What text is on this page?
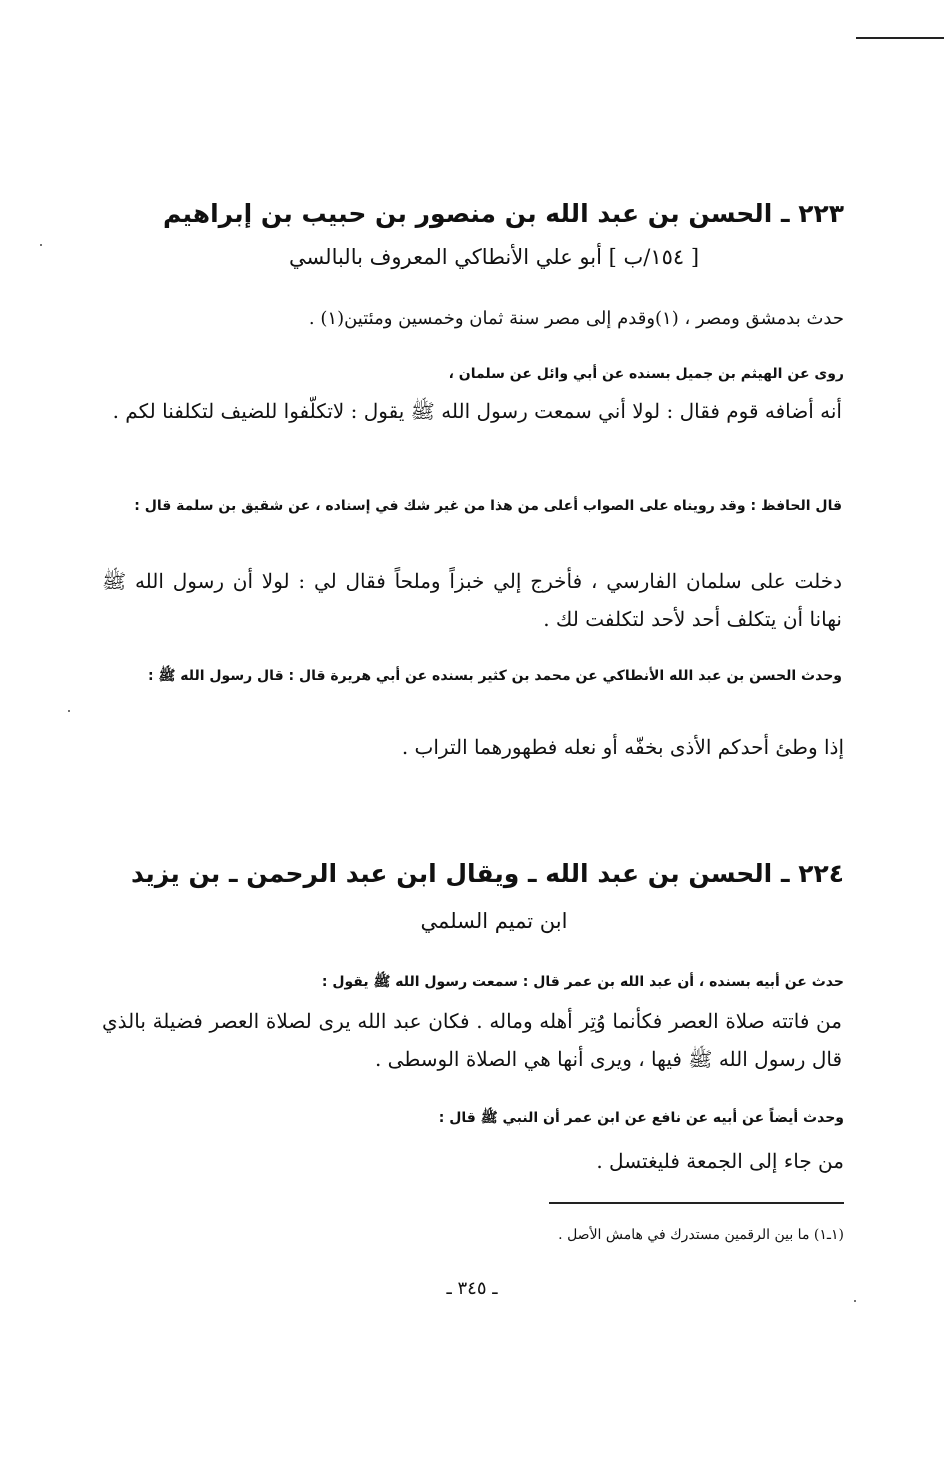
٢٢٣ ـ الحسن بن عبد الله بن منصور بن حبيب بن إبراهيم
[ ١٥٤/ب ] أبو علي الأنطاكي المعروف بالبالسي
حدث بدمشق ومصر ، (١)وقدم إلى مصر سنة ثمان وخمسين ومئتين(١) .
روى عن الهيثم بن جميل بسنده عن أبي وائل عن سلمان ،
أنه أضافه قوم فقال : لولا أني سمعت رسول الله ﷺ يقول : لاتكلّفوا للضيف لتكلفنا لكم .
قال الحافظ : وقد رويناه على الصواب أعلى من هذا من غير شك في إسناده ، عن شقيق بن سلمة قال :
دخلت على سلمان الفارسي ، فأخرج إلي خبزاً وملحاً فقال لي : لولا أن رسول الله ﷺ نهانا أن يتكلف أحد لأحد لتكلفت لك .
وحدث الحسن بن عبد الله الأنطاكي عن محمد بن كثير بسنده عن أبي هريرة قال : قال رسول الله ﷺ :
إذا وطئ أحدكم الأذى بخفّه أو نعله فطهورهما التراب .
٢٢٤ ـ الحسن بن عبد الله ـ ويقال ابن عبد الرحمن ـ بن يزيد
ابن تميم السلمي
حدث عن أبيه بسنده ، أن عبد الله بن عمر قال : سمعت رسول الله ﷺ يقول :
من فاتته صلاة العصر فكأنما وُتِر أهله وماله . فكان عبد الله يرى لصلاة العصر فضيلة بالذي قال رسول الله ﷺ فيها ، ويرى أنها هي الصلاة الوسطى .
وحدث أيضاً عن أبيه عن نافع عن ابن عمر أن النبي ﷺ قال :
من جاء إلى الجمعة فليغتسل .
(١ـ١) ما بين الرقمين مستدرك في هامش الأصل .
ـ ٣٤٥ ـ
